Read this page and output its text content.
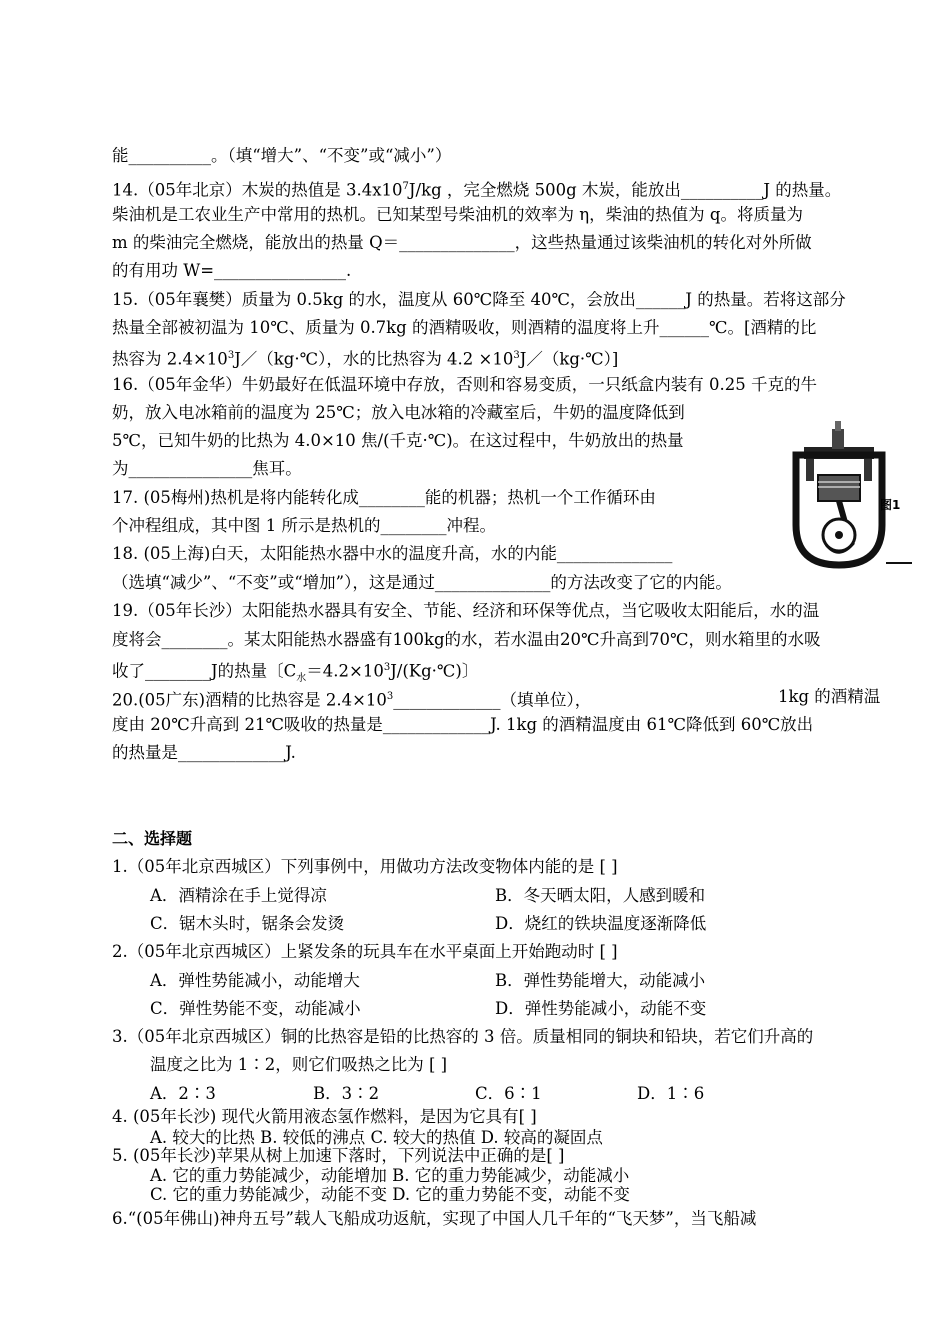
能__________。（填“增大”、“不变”或“减小”）
14.（05年北京）木炭的热值是 $3.4x10^7J/kg$ ，完全燃烧 500g 木炭，能放出__________J 的热量。
柴油机是工农业生产中常用的热机。已知某型号柴油机的效率为 η，柴油的热值为 q。将质量为
m 的柴油完全燃烧，能放出的热量 Q＝______________，这些热量通过该柴油机的转化对外所做
的有用功 W=________________.
15.（05年襄樊）质量为 0.5kg 的水，温度从 60℃降至 40℃，会放出______J 的热量。若将这部分
热量全部被初温为 10℃、质量为 0.7kg 的酒精吸收，则酒精的温度将上升______℃。[酒精的比
热容为 $2.4\times 10^3J/(kg\cdot℃)$，水的比热容为 $4.2 \times 10^3J/(kg\cdot℃)$]
16.（05年金华）牛奶最好在低温环境中存放，否则和容易变质，一只纸盒内装有 0.25 千克的牛
奶，放入电冰箱前的温度为 25℃；放入电冰箱的冷藏室后，牛奶的温度降低到
5℃，已知牛奶的比热为 4.0×10 焦/(千克·℃)。在这过程中，牛奶放出的热量
为_______________焦耳。
17. (05梅州)热机是将内能转化成________能的机器；热机一个工作循环由
个冲程组成，其中图 1 所示是热机的________冲程。
18. (05上海)白天，太阳能热水器中水的温度升高，水的内能______________
（选填“减少”、“不变”或“增加”），这是通过______________的方法改变了它的内能。
19.（05年长沙）太阳能热水器具有安全、节能、经济和环保等优点，当它吸收太阳能后，水的温
度将会________。某太阳能热水器盛有100kg的水，若水温由20℃升高到70℃，则水箱里的水吸
收了________J的热量〔$C_水=4.2\times 10^3J/(Kg\cdot℃)$〕
20.(05广东)酒精的比热容是 $2.4\times 10^3\_\_\_\_\_\_\_\_\_\_\_\_\_$（填单位），	1kg 的酒精温
度由 20℃升高到 21℃吸收的热量是_____________J. 1kg 的酒精温度由 61℃降低到 60℃放出
的热量是_____________J.
图1
二、选择题
1.（05年北京西城区）下列事例中，用做功方法改变物体内能的是 [ ]
A．酒精涂在手上觉得凉	B．冬天晒太阳，人感到暖和
C．锯木头时，锯条会发烫	D．烧红的铁块温度逐渐降低
2.（05年北京西城区）上紧发条的玩具车在水平桌面上开始跑动时 [ ]
A．弹性势能减小，动能增大	B．弹性势能增大，动能减小
C．弹性势能不变，动能减小	D．弹性势能减小，动能不变
3.（05年北京西城区）铜的比热容是铅的比热容的 3 倍。质量相同的铜块和铅块，若它们升高的
温度之比为 1∶2，则它们吸热之比为 [ ]
A．2∶3	B．3∶2	C．6∶1	D．1∶6
4. (05年长沙) 现代火箭用液态氢作燃料，是因为它具有[ ]
A. 较大的比热 B. 较低的沸点 C. 较大的热值 D. 较高的凝固点
5. (05年长沙)苹果从树上加速下落时，下列说法中正确的是[ ]
A. 它的重力势能减少，动能增加 B. 它的重力势能减少，动能减小
C. 它的重力势能减少，动能不变 D. 它的重力势能不变，动能不变
6.“(05年佛山)神舟五号”载人飞船成功返航，实现了中国人几千年的“飞天梦”，当飞船减
